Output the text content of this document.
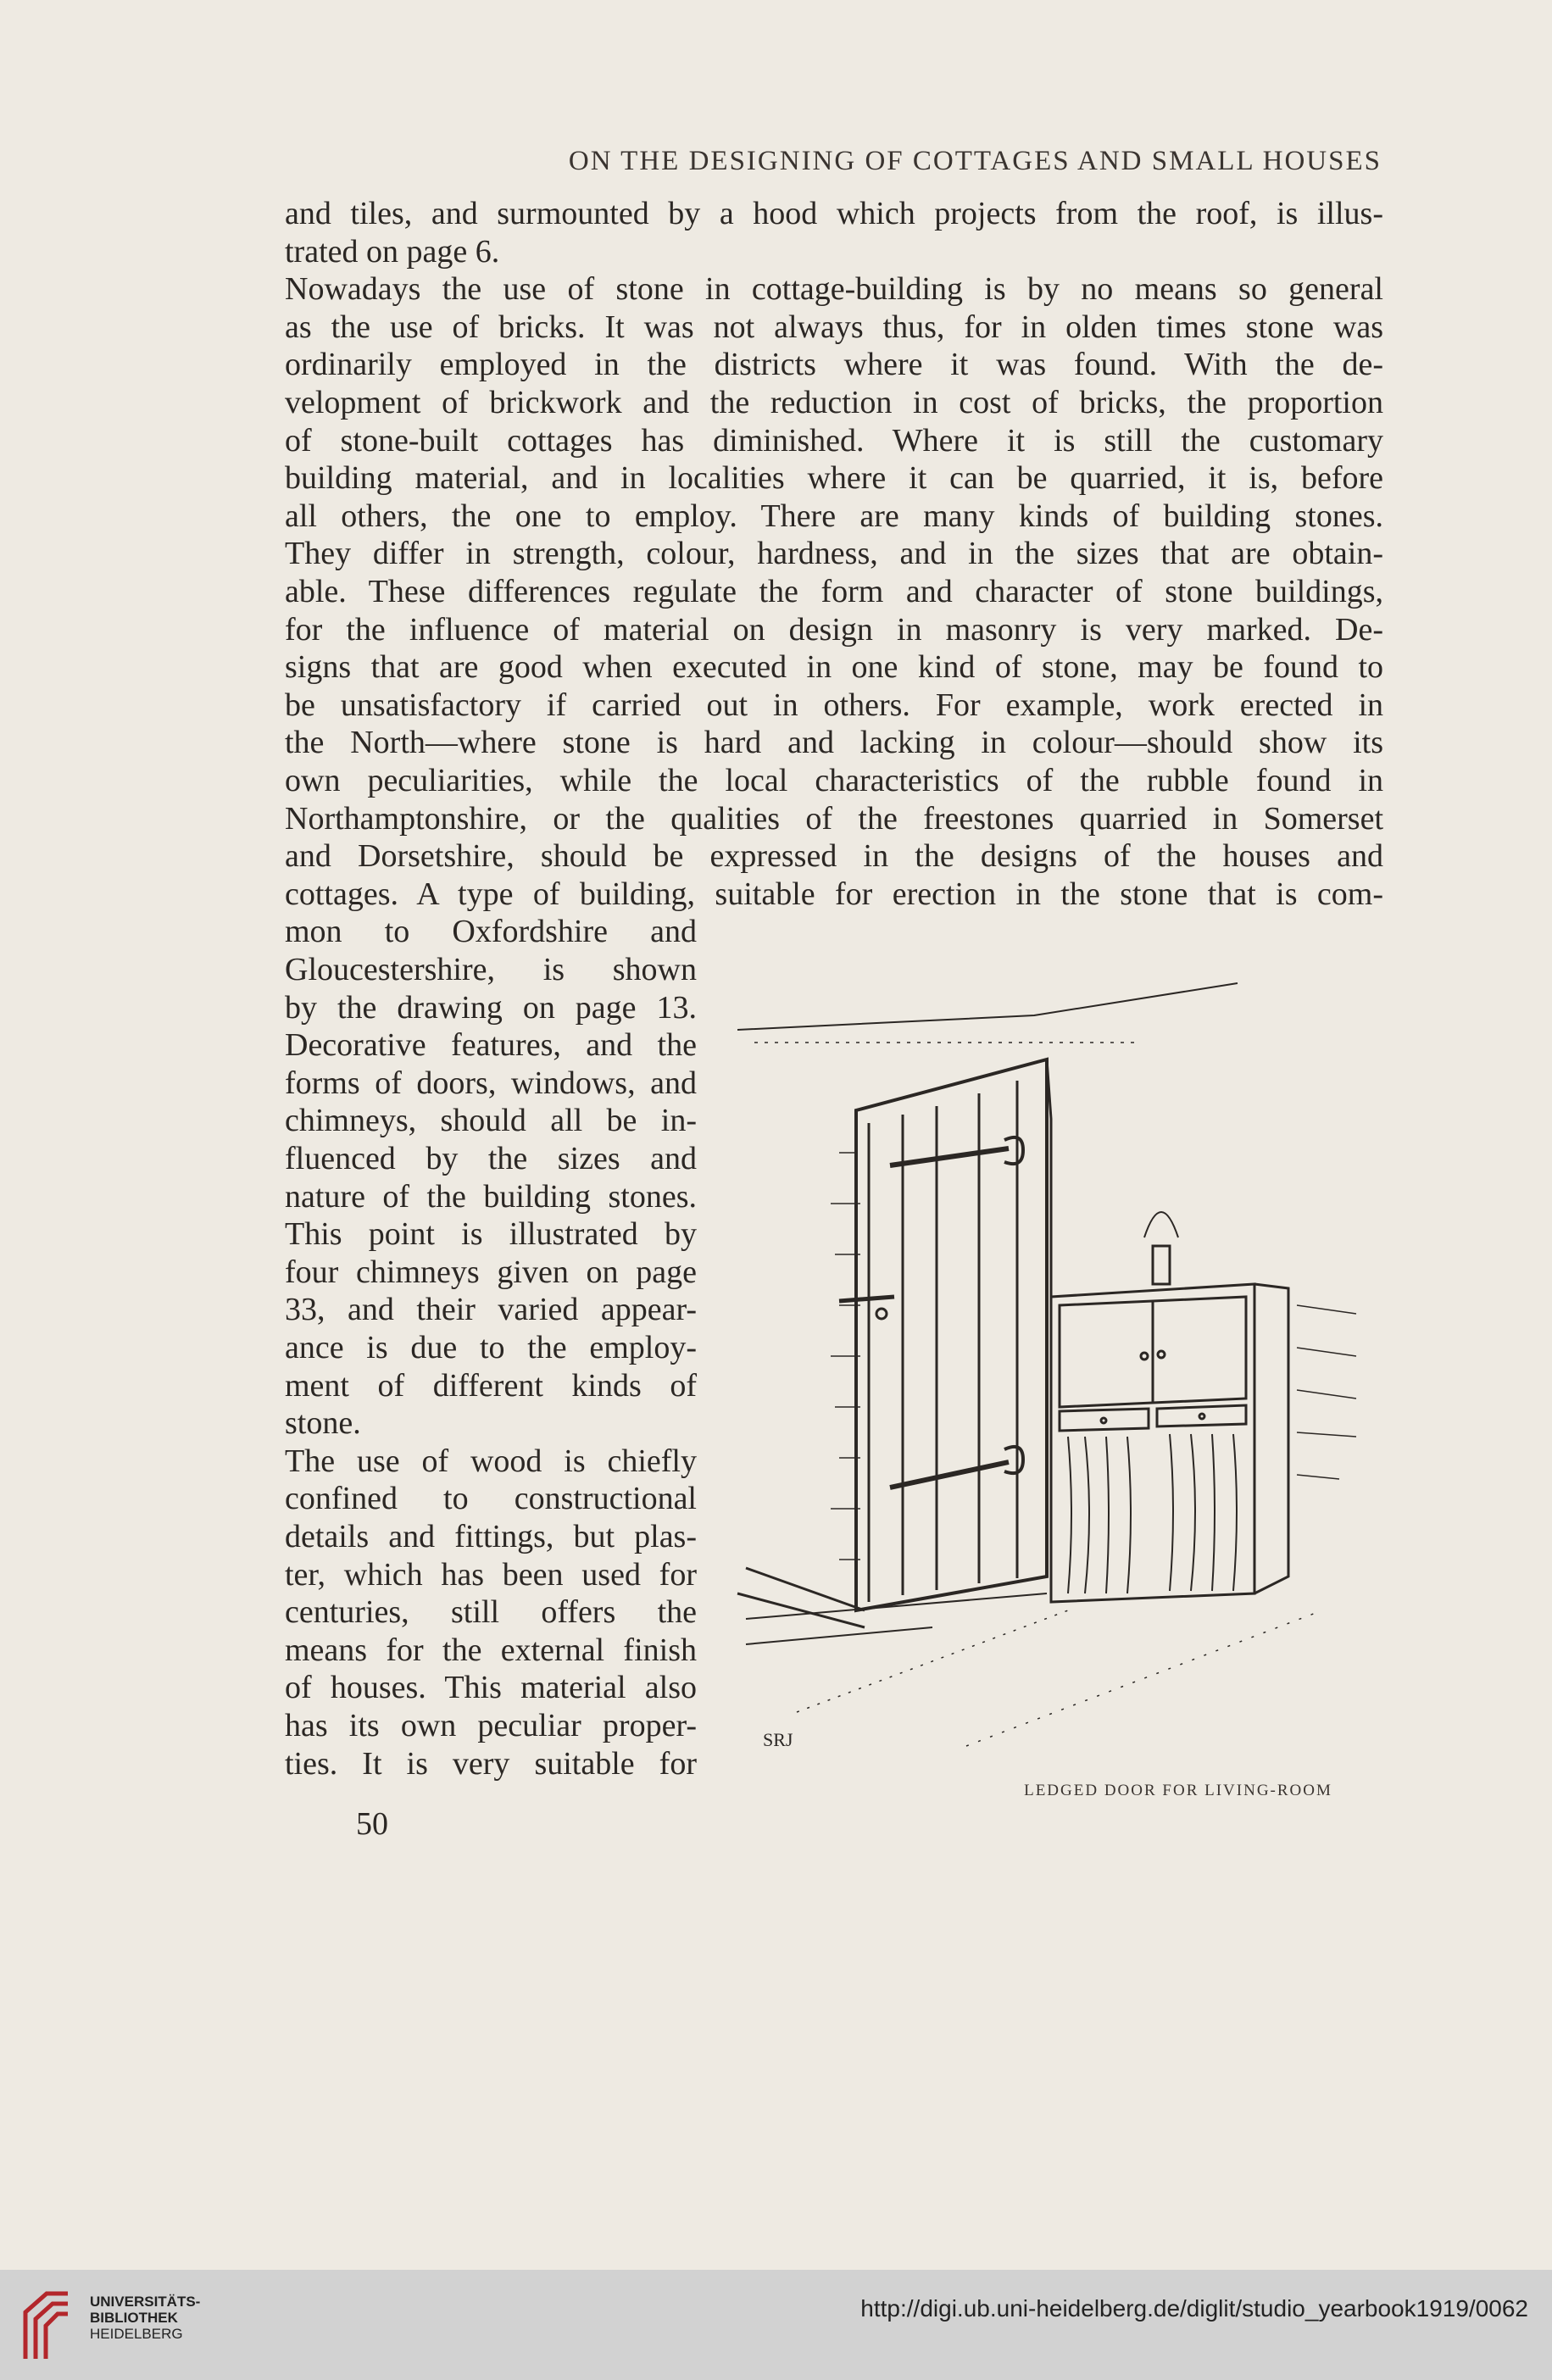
ON THE DESIGNING OF COTTAGES AND SMALL HOUSES
and tiles, and surmounted by a hood which projects from the roof, is illus-
trated on page 6.
Nowadays the use of stone in cottage-building is by no means so general
as the use of bricks. It was not always thus, for in olden times stone was
ordinarily employed in the districts where it was found. With the de-
velopment of brickwork and the reduction in cost of bricks, the proportion
of stone-built cottages has diminished. Where it is still the customary
building material, and in localities where it can be quarried, it is, before
all others, the one to employ. There are many kinds of building stones.
They differ in strength, colour, hardness, and in the sizes that are obtain-
able. These differences regulate the form and character of stone buildings,
for the influence of material on design in masonry is very marked. De-
signs that are good when executed in one kind of stone, may be found to
be unsatisfactory if carried out in others. For example, work erected in
the North—where stone is hard and lacking in colour—should show its
own peculiarities, while the local characteristics of the rubble found in
Northamptonshire, or the qualities of the freestones quarried in Somerset
and Dorsetshire, should be expressed in the designs of the houses and
cottages. A type of building, suitable for erection in the stone that is com-
mon to Oxfordshire and
Gloucestershire, is shown
by the drawing on page 13.
Decorative features, and the
forms of doors, windows, and
chimneys, should all be in-
fluenced by the sizes and
nature of the building stones.
This point is illustrated by
four chimneys given on page
33, and their varied appear-
ance is due to the employ-
ment of different kinds of
stone.
The use of wood is chiefly
confined to constructional
details and fittings, but plas-
ter, which has been used for
centuries, still offers the
means for the external finish
of houses. This material also
has its own peculiar proper-
ties. It is very suitable for
SRJ
LEDGED DOOR FOR LIVING-ROOM
50
UNIVERSITÄTS-
BIBLIOTHEK
HEIDELBERG
http://digi.ub.uni-heidelberg.de/diglit/studio_yearbook1919/0062
